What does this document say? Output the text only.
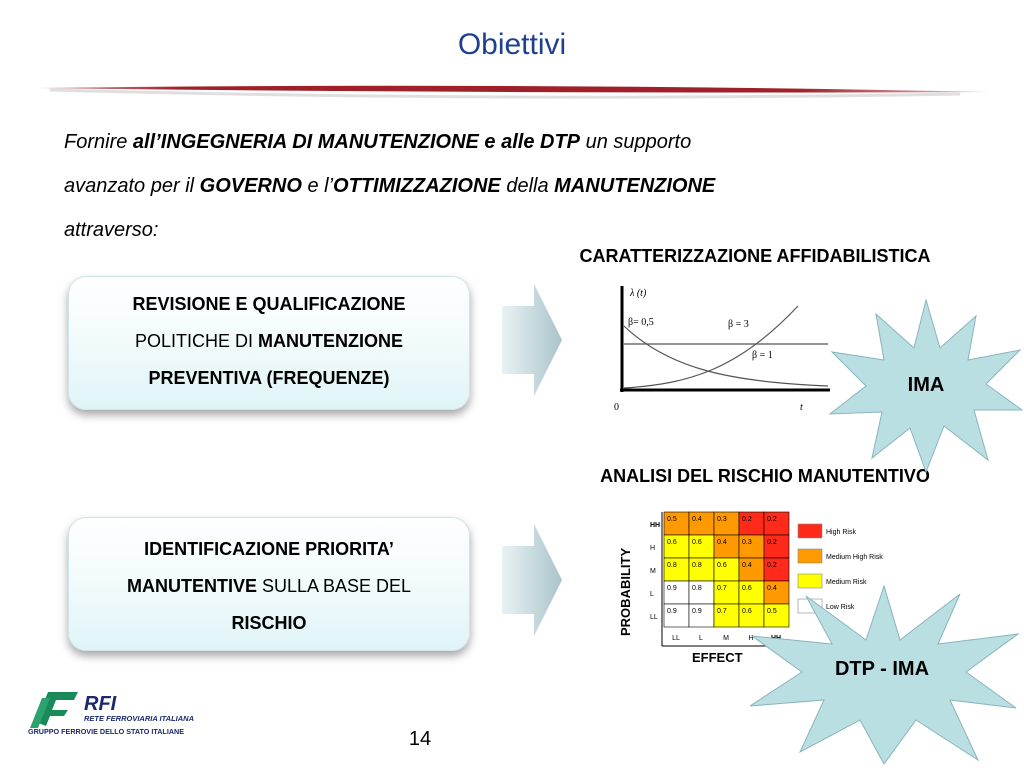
Obiettivi
Fornire all’INGEGNERIA DI MANUTENZIONE e alle DTP un supporto
avanzato per il GOVERNO e l’OTTIMIZZAZIONE della MANUTENZIONE
attraverso:
REVISIONE E QUALIFICAZIONE
POLITICHE DI MANUTENZIONE
PREVENTIVA (FREQUENZE)
IDENTIFICAZIONE PRIORITA’
MANUTENTIVE SULLA BASE DEL
RISCHIO
CARATTERIZZAZIONE AFFIDABILISTICA
ANALISI DEL RISCHIO MANUTENTIVO
λ (t)
β= 0,5	β = 3
β = 1
0	t
PROBABILITY
EFFECT
HH
0.5 0.4 0.3 0.2 0.2
H
0.6 0.6 0.4 0.3 0.2
M
0.8 0.8 0.6 0.4 0.2
L
0.9 0.8 0.7 0.6 0.4
LL
0.9 0.9 0.7 0.6 0.5
LL	L	M	H
High Risk
Medium High Risk
Medium Risk
Low Risk
IMA
DTP - IMA
RFI
RETE FERROVIARIA ITALIANA
GRUPPO FERROVIE DELLO STATO ITALIANE	14
